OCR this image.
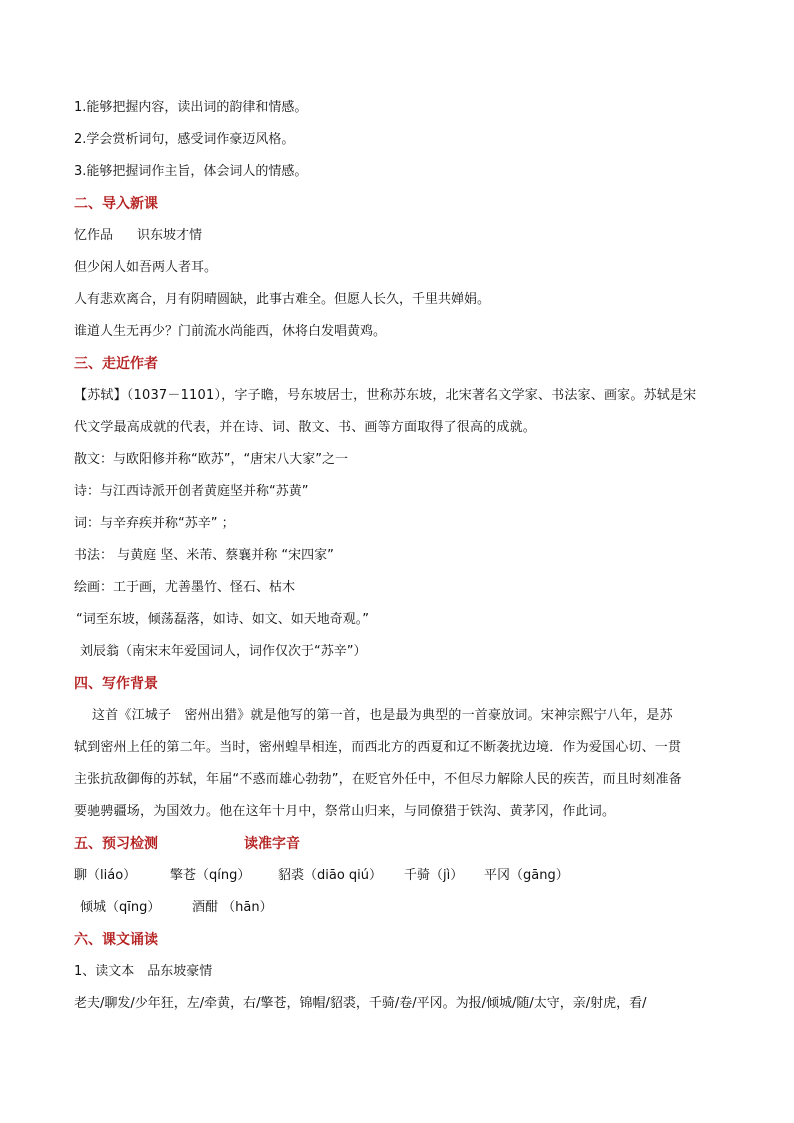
1.能够把握内容，读出词的韵律和情感。
2.学会赏析词句，感受词作豪迈风格。
3.能够把握词作主旨，体会词人的情感。
二、导入新课
忆作品 识东坡才情
但少闲人如吾两人者耳。
人有悲欢离合，月有阴晴圆缺，此事古难全。但愿人长久，千里共婵娟。
谁道人生无再少？门前流水尚能西，休将白发唱黄鸡。
三、走近作者
【苏轼】（1037－1101），字子瞻，号东坡居士，世称苏东坡，北宋著名文学家、书法家、画家。苏轼是宋
代文学最高成就的代表，并在诗、词、散文、书、画等方面取得了很高的成就。
散文：与欧阳修并称“欧苏”，“唐宋八大家”之一
诗：与江西诗派开创者黄庭坚并称“苏黄”
词：与辛弃疾并称“苏辛” ；
书法： 与黄庭 坚、米芾、蔡襄并称 “宋四家”
绘画：工于画，尤善墨竹、怪石、枯木
“词至东坡，倾荡磊落，如诗、如文、如天地奇观。”
刘辰翁（南宋末年爱国词人，词作仅次于“苏辛”）
四、写作背景
这首《江城子　密州出猎》就是他写的第一首，也是最为典型的一首豪放词。宋神宗熙宁八年，是苏
轼到密州上任的第二年。当时，密州蝗旱相连，而西北方的西夏和辽不断袭扰边境．作为爱国心切、一贯
主张抗敌御侮的苏轼，年届“不惑而雄心勃勃”，在贬官外任中，不但尽力解除人民的疾苦，而且时刻准备
要驰骋疆场，为国效力。他在这年十月中，祭常山归来，与同僚猎于铁沟、黄茅冈，作此词。
五、预习检测	读准字音
聊（liáo）	擎苍（qíng） 貂裘（diāo qiú） 千骑（jì） 平冈（gāng）
倾城（qīng） 酒酣 （hān）
六、课文诵读
1、读文本　品东坡豪情
老夫/聊发/少年狂，左/牵黄，右/擎苍，锦帽/貂裘，千骑/卷/平冈。为报/倾城/随/太守，亲/射虎，看/
